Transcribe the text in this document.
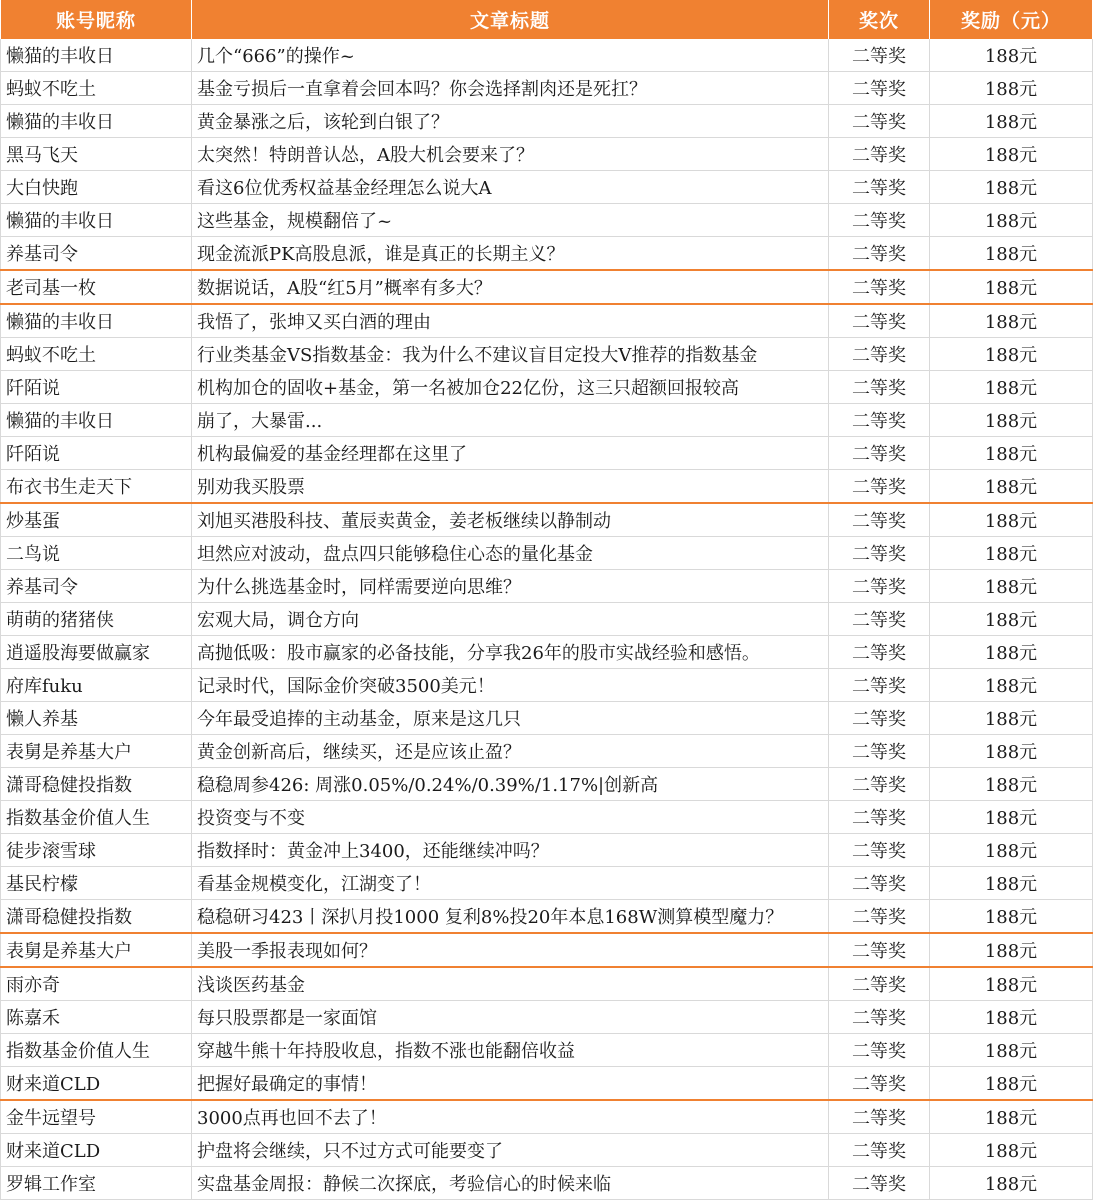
账号昵称	文章标题	奖次	奖励（元）
懒猫的丰收日	几个“666”的操作~	二等奖	188元
蚂蚁不吃土	基金亏损后一直拿着会回本吗？你会选择割肉还是死扛？	二等奖	188元
懒猫的丰收日	黄金暴涨之后，该轮到白银了？	二等奖	188元
黑马飞天	太突然！特朗普认怂，A股大机会要来了？	二等奖	188元
大白快跑	看这6位优秀权益基金经理怎么说大A	二等奖	188元
懒猫的丰收日	这些基金，规模翻倍了~	二等奖	188元
养基司令	现金流派PK高股息派，谁是真正的长期主义？	二等奖	188元
老司基一枚	数据说话，A股“红5月”概率有多大？	二等奖	188元
懒猫的丰收日	我悟了，张坤又买白酒的理由	二等奖	188元
蚂蚁不吃土	行业类基金VS指数基金：我为什么不建议盲目定投大V推荐的指数基金	二等奖	188元
阡陌说	机构加仓的固收+基金，第一名被加仓22亿份，这三只超额回报较高	二等奖	188元
懒猫的丰收日	崩了，大暴雷...	二等奖	188元
阡陌说	机构最偏爱的基金经理都在这里了	二等奖	188元
布衣书生走天下	别劝我买股票	二等奖	188元
炒基蛋	刘旭买港股科技、董辰卖黄金，姜老板继续以静制动	二等奖	188元
二鸟说	坦然应对波动，盘点四只能够稳住心态的量化基金	二等奖	188元
养基司令	为什么挑选基金时，同样需要逆向思维？	二等奖	188元
萌萌的猪猪侠	宏观大局，调仓方向	二等奖	188元
逍遥股海要做赢家	高抛低吸：股市赢家的必备技能，分享我26年的股市实战经验和感悟。	二等奖	188元
府库fuku	记录时代，国际金价突破3500美元！	二等奖	188元
懒人养基	今年最受追捧的主动基金，原来是这几只	二等奖	188元
表舅是养基大户	黄金创新高后，继续买，还是应该止盈？	二等奖	188元
潇哥稳健投指数	稳稳周参426: 周涨0.05%/0.24%/0.39%/1.17%|创新高	二等奖	188元
指数基金价值人生	投资变与不变	二等奖	188元
徒步滚雪球	指数择时：黄金冲上3400，还能继续冲吗？	二等奖	188元
基民柠檬	看基金规模变化，江湖变了！	二等奖	188元
潇哥稳健投指数	稳稳研习423丨深扒月投1000 复利8%投20年本息168W测算模型魔力？	二等奖	188元
表舅是养基大户	美股一季报表现如何？	二等奖	188元
雨亦奇	浅谈医药基金	二等奖	188元
陈嘉禾	每只股票都是一家面馆	二等奖	188元
指数基金价值人生	穿越牛熊十年持股收息，指数不涨也能翻倍收益	二等奖	188元
财来道CLD	把握好最确定的事情！	二等奖	188元
金牛远望号	3000点再也回不去了！	二等奖	188元
财来道CLD	护盘将会继续，只不过方式可能要变了	二等奖	188元
罗辑工作室	实盘基金周报：静候二次探底，考验信心的时候来临	二等奖	188元
